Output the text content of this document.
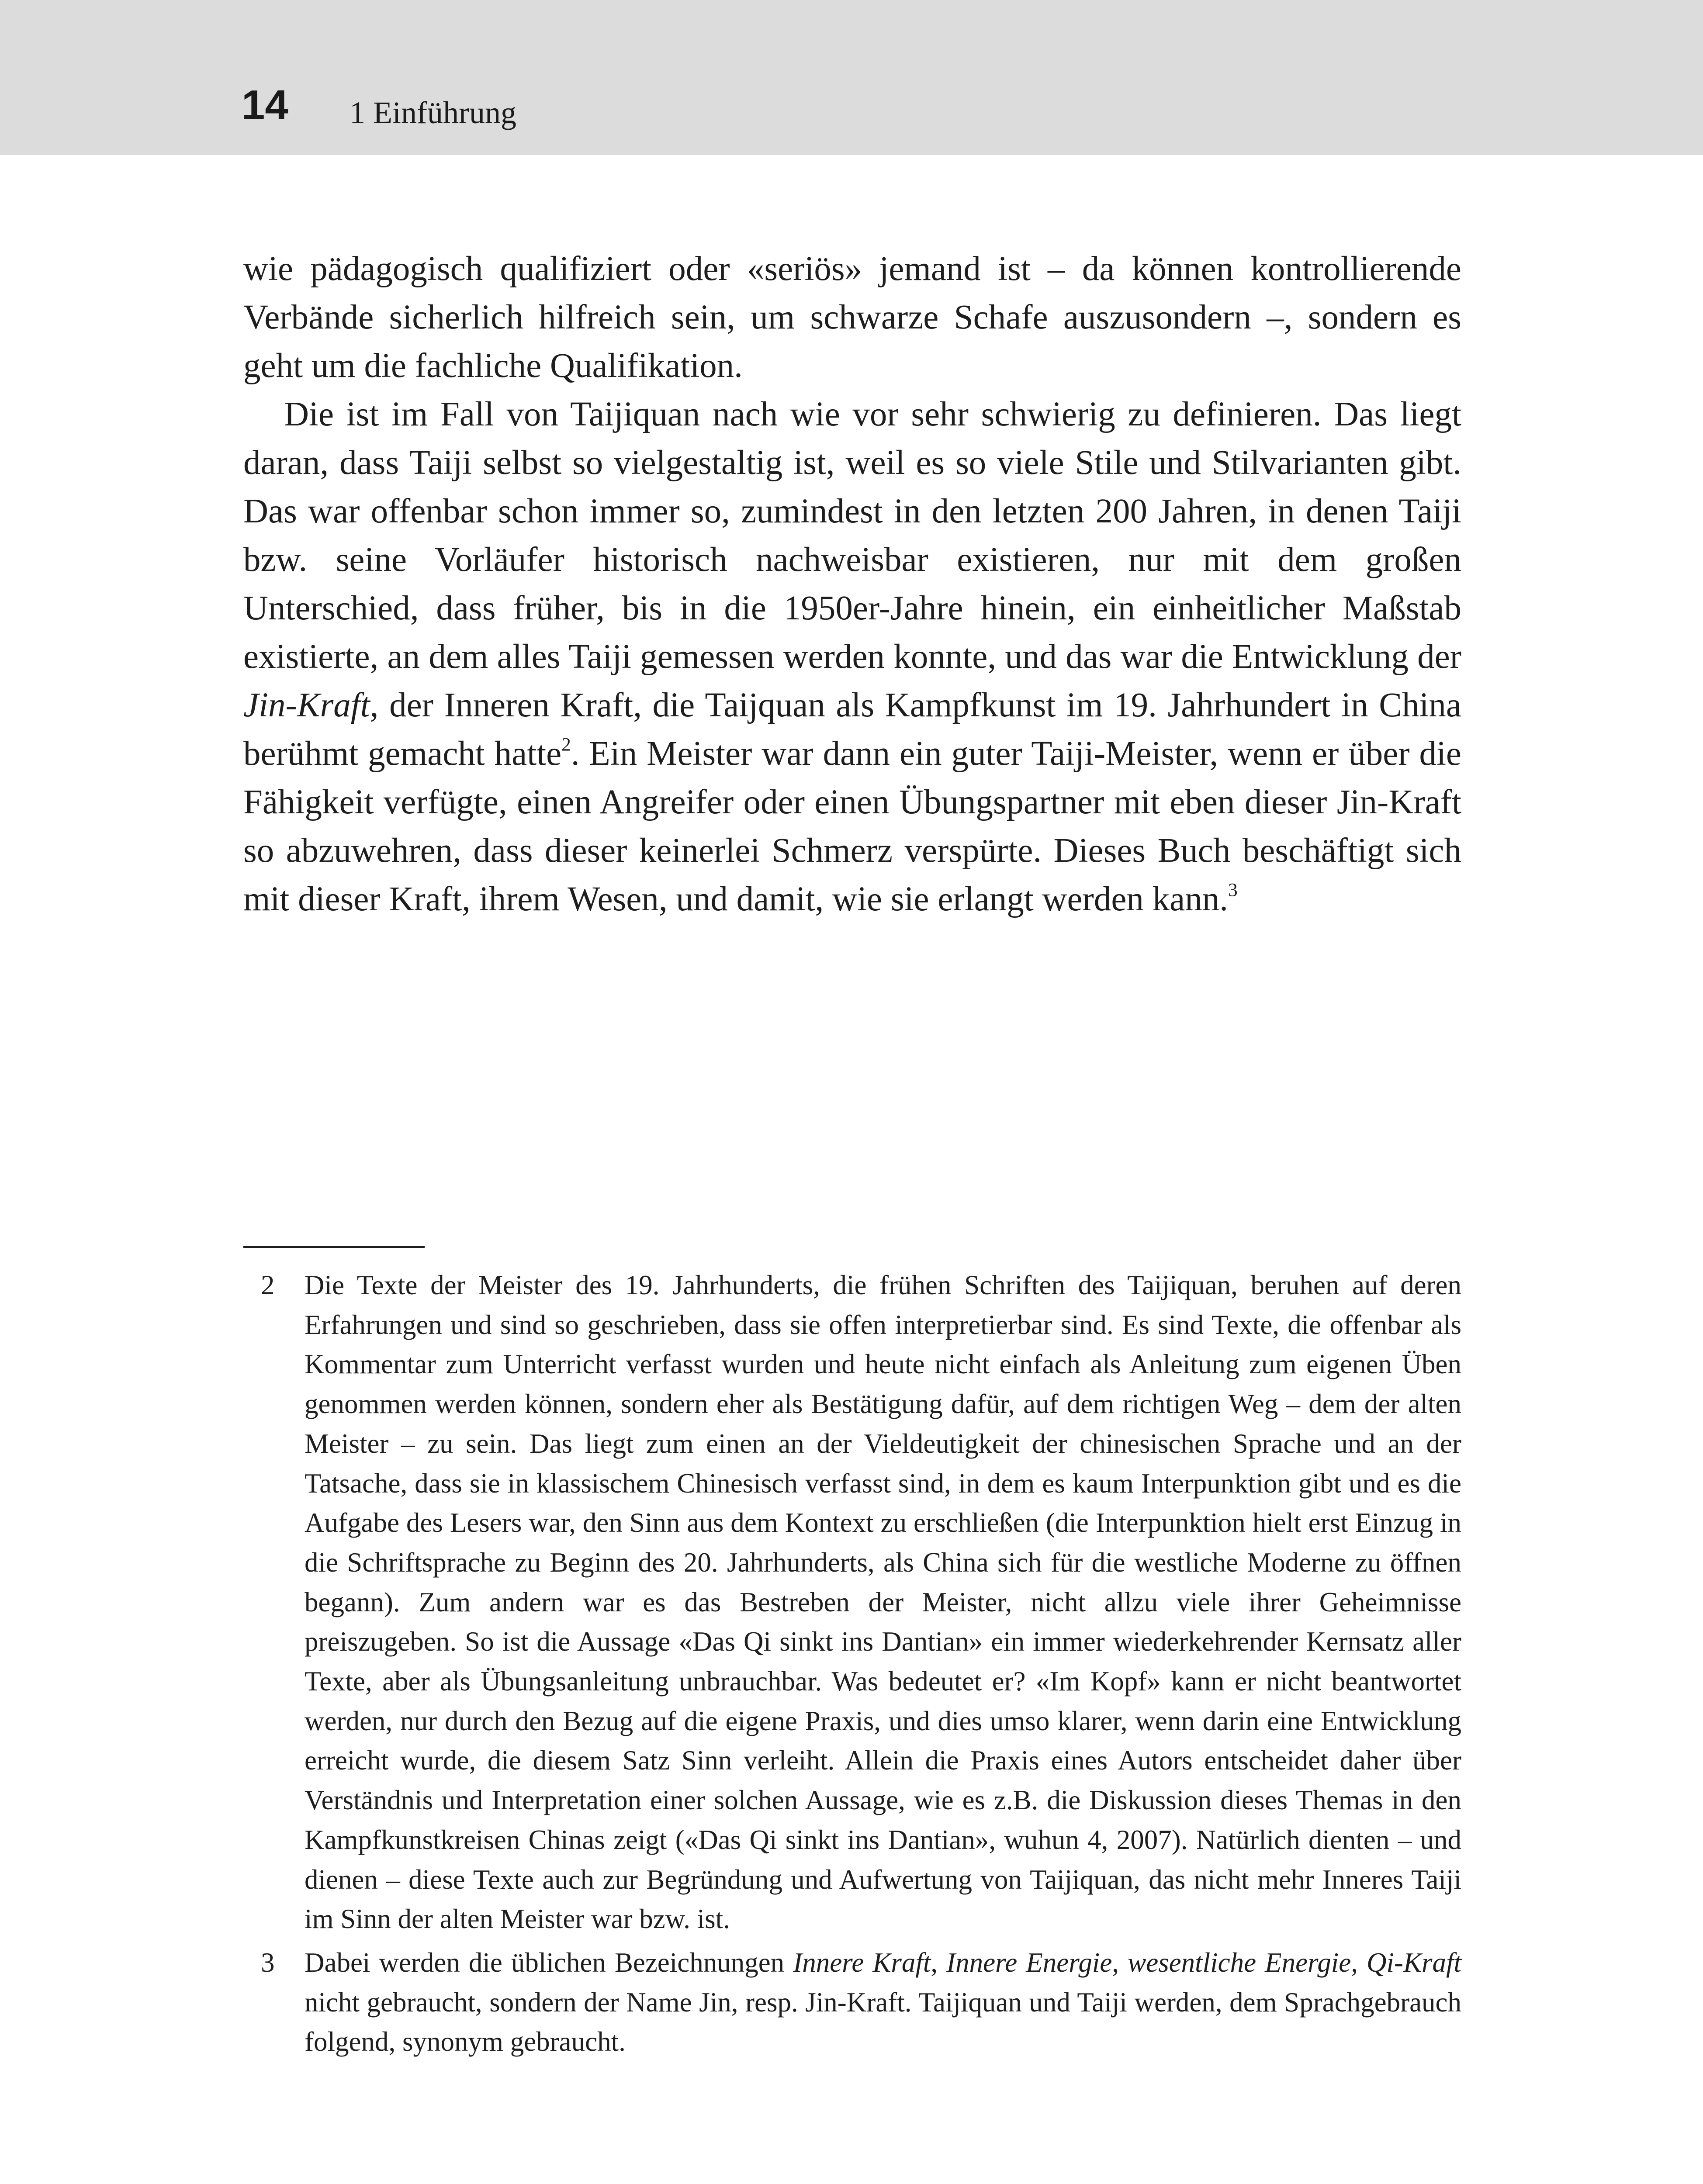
14 1 Einführung

wie pädagogisch qualifiziert oder «seriös» jemand ist – da können kontrollierende Verbände sicherlich hilfreich sein, um schwarze Schafe auszusondern –, sondern es geht um die fachliche Qualifikation.

Die ist im Fall von Taijiquan nach wie vor sehr schwierig zu definieren. Das liegt daran, dass Taiji selbst so vielgestaltig ist, weil es so viele Stile und Stilvarianten gibt. Das war offenbar schon immer so, zumindest in den letzten 200 Jahren, in denen Taiji bzw. seine Vorläufer historisch nachweisbar existieren, nur mit dem großen Unterschied, dass früher, bis in die 1950er-Jahre hinein, ein einheitlicher Maßstab existierte, an dem alles Taiji gemessen werden konnte, und das war die Entwicklung der Jin-Kraft, der Inneren Kraft, die Taijquan als Kampfkunst im 19. Jahrhundert in China berühmt gemacht hatte$^2$. Ein Meister war dann ein guter Taiji-Meister, wenn er über die Fähigkeit verfügte, einen Angreifer oder einen Übungspartner mit eben dieser Jin-Kraft so abzuwehren, dass dieser keinerlei Schmerz verspürte. Dieses Buch beschäftigt sich mit dieser Kraft, ihrem Wesen, und damit, wie sie erlangt werden kann.$^3$

2	Die Texte der Meister des 19. Jahrhunderts, die frühen Schriften des Taijiquan, beruhen auf deren Erfahrungen und sind so geschrieben, dass sie offen interpretierbar sind. Es sind Texte, die offenbar als Kommentar zum Unterricht verfasst wurden und heute nicht einfach als Anleitung zum eigenen Üben genommen werden können, sondern eher als Bestätigung dafür, auf dem richtigen Weg – dem der alten Meister – zu sein. Das liegt zum einen an der Vieldeutigkeit der chinesischen Sprache und an der Tatsache, dass sie in klassischem Chinesisch verfasst sind, in dem es kaum Interpunktion gibt und es die Aufgabe des Lesers war, den Sinn aus dem Kontext zu erschließen (die Interpunktion hielt erst Einzug in die Schriftsprache zu Beginn des 20. Jahrhunderts, als China sich für die westliche Moderne zu öffnen begann). Zum andern war es das Bestreben der Meister, nicht allzu viele ihrer Geheimnisse preiszugeben. So ist die Aussage «Das Qi sinkt ins Dantian» ein immer wiederkehrender Kernsatz aller Texte, aber als Übungsanleitung unbrauchbar. Was bedeutet er? «Im Kopf» kann er nicht beantwortet werden, nur durch den Bezug auf die eigene Praxis, und dies umso klarer, wenn darin eine Entwicklung erreicht wurde, die diesem Satz Sinn verleiht. Allein die Praxis eines Autors entscheidet daher über Verständnis und Interpretation einer solchen Aussage, wie es z.B. die Diskussion dieses Themas in den Kampfkunstkreisen Chinas zeigt («Das Qi sinkt ins Dantian», wuhun 4, 2007). Natürlich dienten – und dienen – diese Texte auch zur Begründung und Aufwertung von Taijiquan, das nicht mehr Inneres Taiji im Sinn der alten Meister war bzw. ist.

3	Dabei werden die üblichen Bezeichnungen Innere Kraft, Innere Energie, wesentliche Energie, Qi-Kraft nicht gebraucht, sondern der Name Jin, resp. Jin-Kraft. Taijiquan und Taiji werden, dem Sprachgebrauch folgend, synonym gebraucht.
